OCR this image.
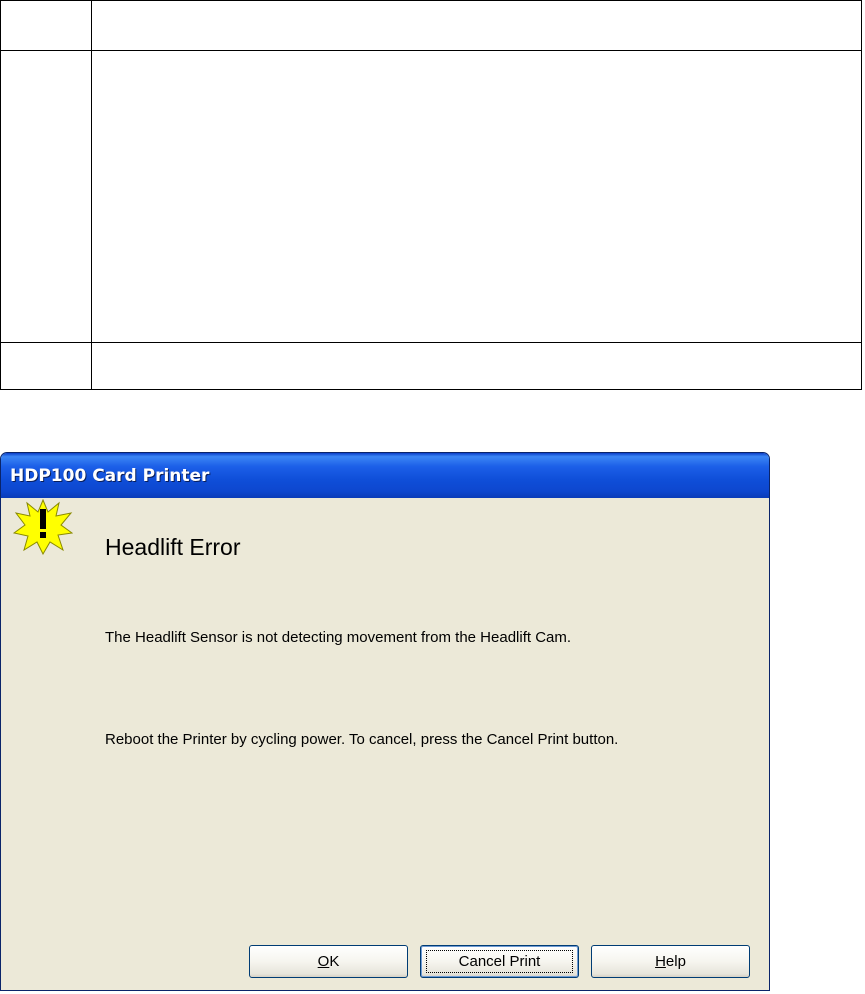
HDP100 Card Printer
Headlift Error
The Headlift Sensor is not detecting movement from the Headlift Cam.
Reboot the Printer by cycling power. To cancel, press the Cancel Print button.
OK	Cancel Print	Help
